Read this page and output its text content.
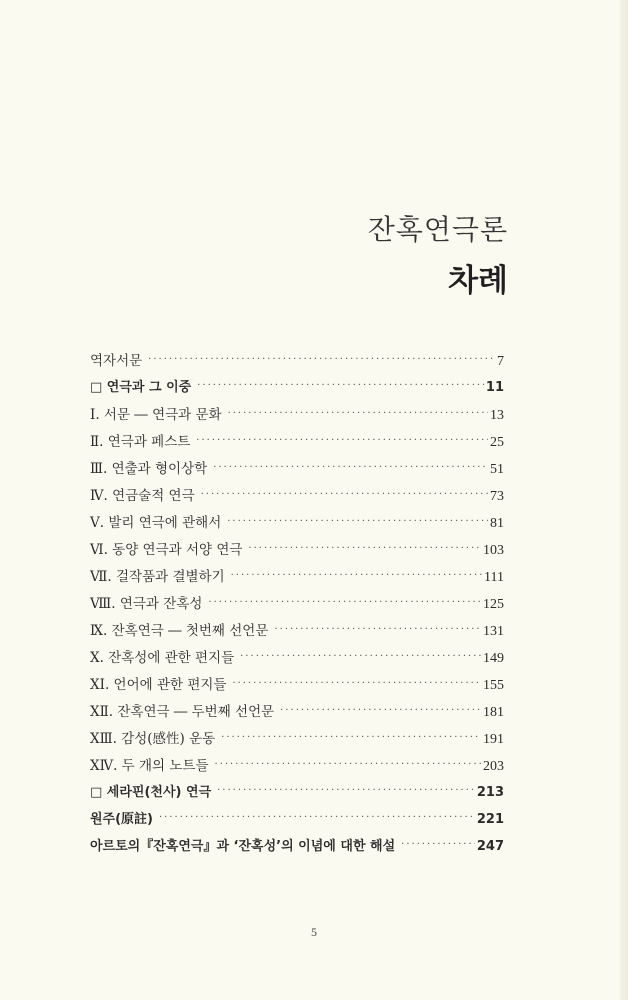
잔혹연극론
차례
역자서문 ·····	7
□ 연극과 그 이중 ·····	11
Ⅰ. 서문 ― 연극과 문화 ·····	13
Ⅱ. 연극과 페스트 ·····	25
Ⅲ. 연출과 형이상학 ·····	51
Ⅳ. 연금술적 연극 ·····	73
Ⅴ. 발리 연극에 관해서 ·····	81
Ⅵ. 동양 연극과 서양 연극 ·····	103
Ⅶ. 걸작품과 결별하기 ·····	111
Ⅷ. 연극과 잔혹성 ·····	125
Ⅸ. 잔혹연극 ― 첫번째 선언문 ·····	131
Ⅹ. 잔혹성에 관한 편지들 ·····	149
ⅩⅠ. 언어에 관한 편지들 ·····	155
ⅩⅡ. 잔혹연극 ― 두번째 선언문 ·····	181
ⅩⅢ. 감성(感性) 운동 ·····	191
ⅩⅣ. 두 개의 노트들 ·····	203
□ 세라핀(천사) 연극 ·····	213
원주(原註) ·····	221
아르토의『잔혹연극』과 ‘잔혹성’의 이념에 대한 해설 ·····	247
5
